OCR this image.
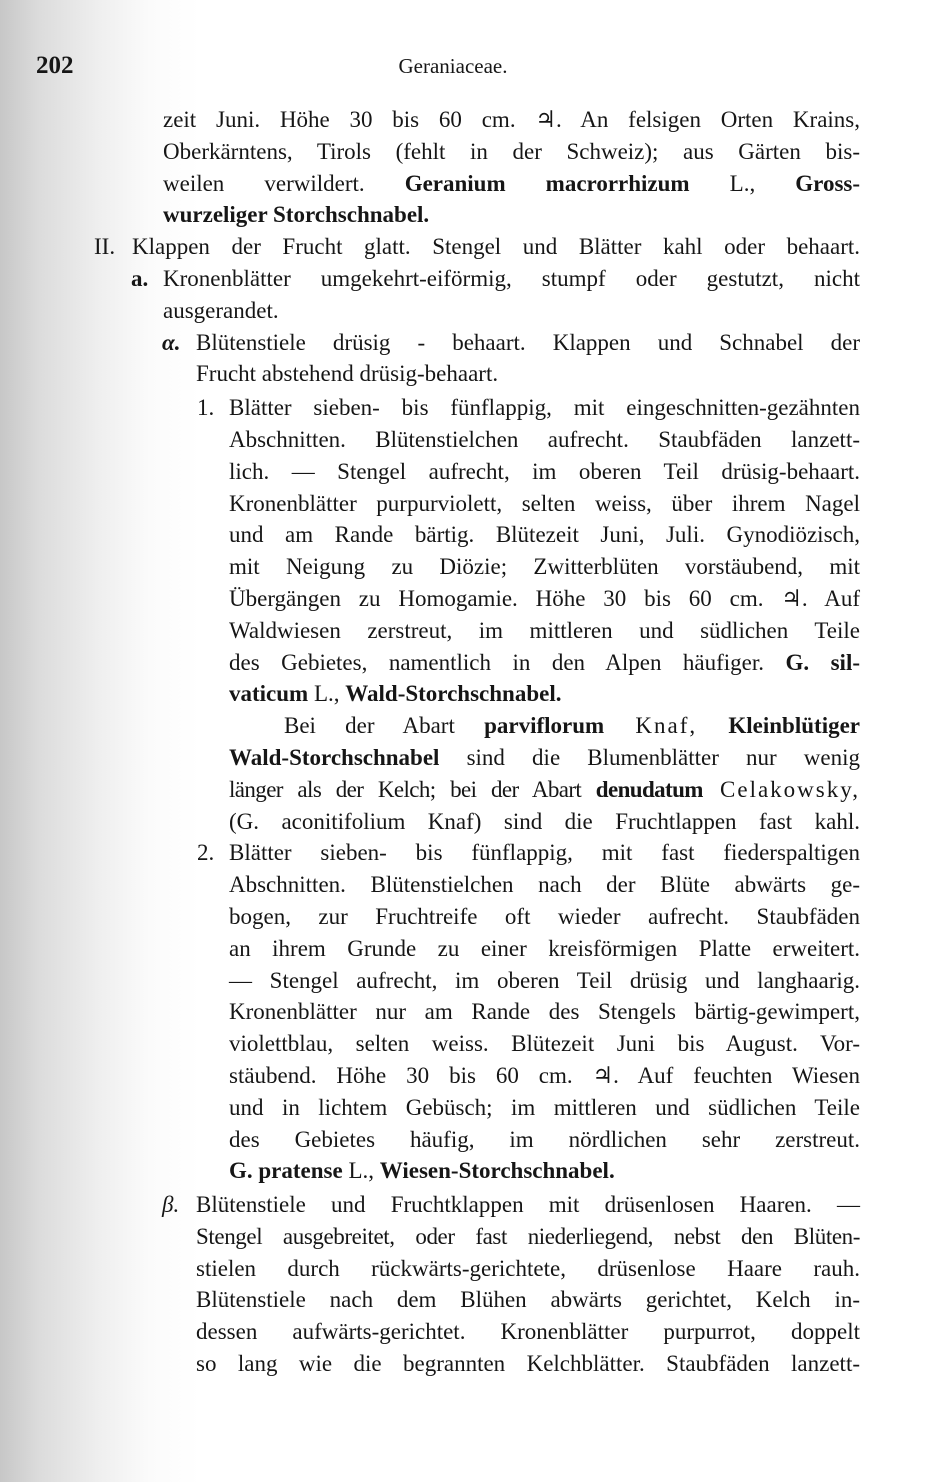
202	Geraniaceae.
zeit Juni. Höhe 30 bis 60 cm. ♃. An felsigen Orten Krains,
Oberkärntens, Tirols (fehlt in der Schweiz); aus Gärten bis-
weilen verwildert. Geranium macrorrhizum L., Gross-
wurzeliger Storchschnabel.
II. Klappen der Frucht glatt. Stengel und Blätter kahl oder behaart.
a. Kronenblätter umgekehrt-eiförmig, stumpf oder gestutzt, nicht
ausgerandet.
α. Blütenstiele drüsig - behaart. Klappen und Schnabel der
Frucht abstehend drüsig-behaart.
1. Blätter sieben- bis fünflappig, mit eingeschnitten-gezähnten
Abschnitten. Blütenstielchen aufrecht. Staubfäden lanzett-
lich. — Stengel aufrecht, im oberen Teil drüsig-behaart.
Kronenblätter purpurviolett, selten weiss, über ihrem Nagel
und am Rande bärtig. Blütezeit Juni, Juli. Gynodiözisch,
mit Neigung zu Diözie; Zwitterblüten vorstäubend, mit
Übergängen zu Homogamie. Höhe 30 bis 60 cm. ♃. Auf
Waldwiesen zerstreut, im mittleren und südlichen Teile
des Gebietes, namentlich in den Alpen häufiger. G. sil-
vaticum L., Wald-Storchschnabel.
Bei der Abart parviflorum Knaf, Kleinblütiger
Wald-Storchschnabel sind die Blumenblätter nur wenig
länger als der Kelch; bei der Abart denudatum Celakowsky,
(G. aconitifolium Knaf) sind die Fruchtlappen fast kahl.
2. Blätter sieben- bis fünflappig, mit fast fiederspaltigen
Abschnitten. Blütenstielchen nach der Blüte abwärts ge-
bogen, zur Fruchtreife oft wieder aufrecht. Staubfäden
an ihrem Grunde zu einer kreisförmigen Platte erweitert.
— Stengel aufrecht, im oberen Teil drüsig und langhaarig.
Kronenblätter nur am Rande des Stengels bärtig-gewimpert,
violettblau, selten weiss. Blütezeit Juni bis August. Vor-
stäubend. Höhe 30 bis 60 cm. ♃. Auf feuchten Wiesen
und in lichtem Gebüsch; im mittleren und südlichen Teile
des Gebietes häufig, im nördlichen sehr zerstreut.
G. pratense L., Wiesen-Storchschnabel.
β. Blütenstiele und Fruchtklappen mit drüsenlosen Haaren. —
Stengel ausgebreitet, oder fast niederliegend, nebst den Blüten-
stielen durch rückwärts-gerichtete, drüsenlose Haare rauh.
Blütenstiele nach dem Blühen abwärts gerichtet, Kelch in-
dessen aufwärts-gerichtet. Kronenblätter purpurrot, doppelt
so lang wie die begrannten Kelchblätter. Staubfäden lanzett-
